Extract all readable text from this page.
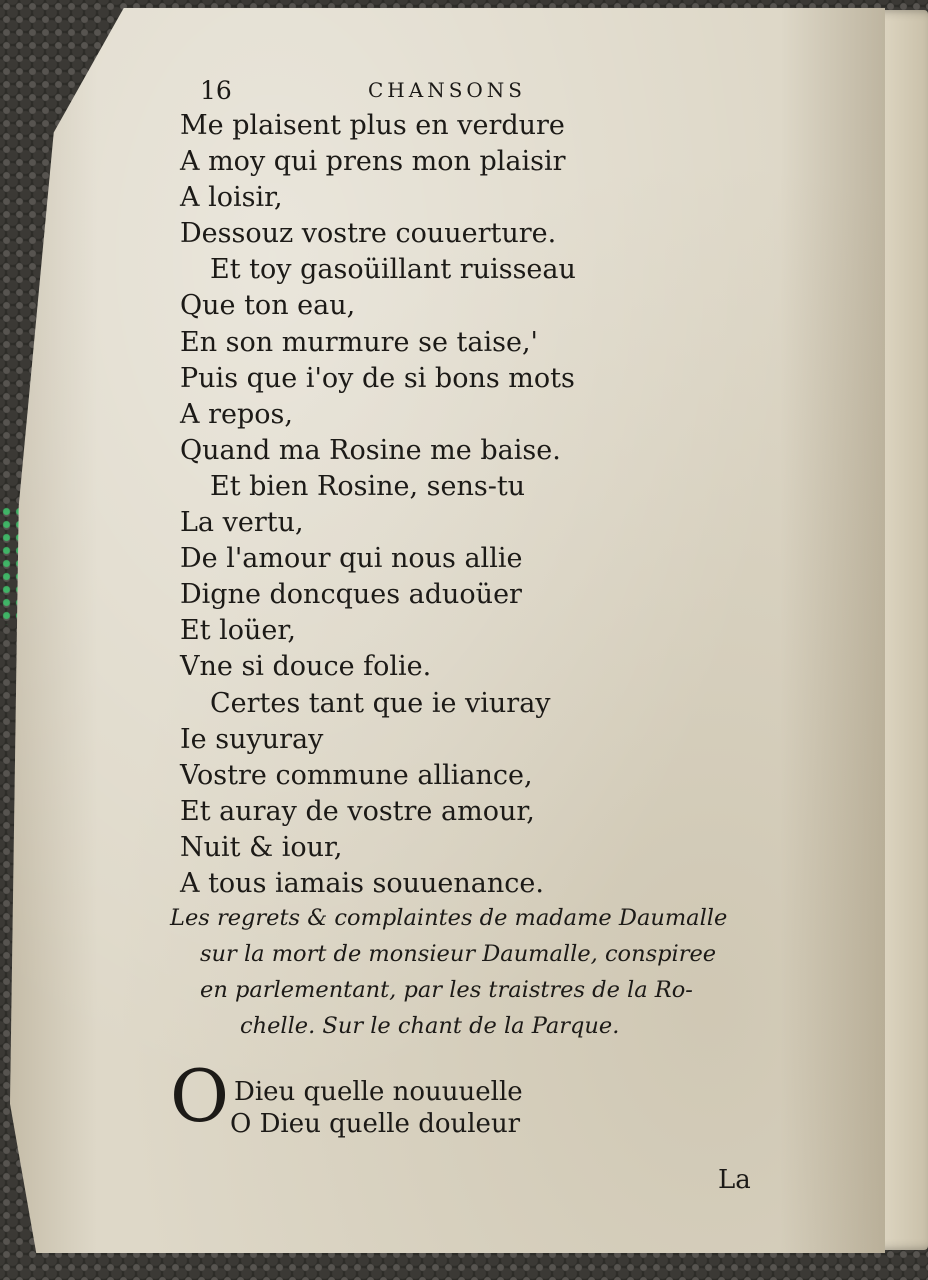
16	CHANSONS
Me plaisent plus en verdure
A moy qui prens mon plaisir
A loisir,
Dessouz vostre couuerture.
Et toy gasoüillant ruisseau
Que ton eau,
En son murmure se taise,'
Puis que i'oy de si bons mots
A repos,
Quand ma Rosine me baise.
Et bien Rosine, sens-tu
La vertu,
De l'amour qui nous allie
Digne doncques aduoüer
Et loüer,
Vne si douce folie.
Certes tant que ie viuray
Ie suyuray
Vostre commune alliance,
Et auray de vostre amour,
Nuit & iour,
A tous iamais souuenance.
Les regrets & complaintes de madame Daumalle
sur la mort de monsieur Daumalle, conspiree
en parlementant, par les traistres de la Ro-
chelle. Sur le chant de la Parque.
O Dieu quelle nouuuelle
O Dieu quelle douleur
La
